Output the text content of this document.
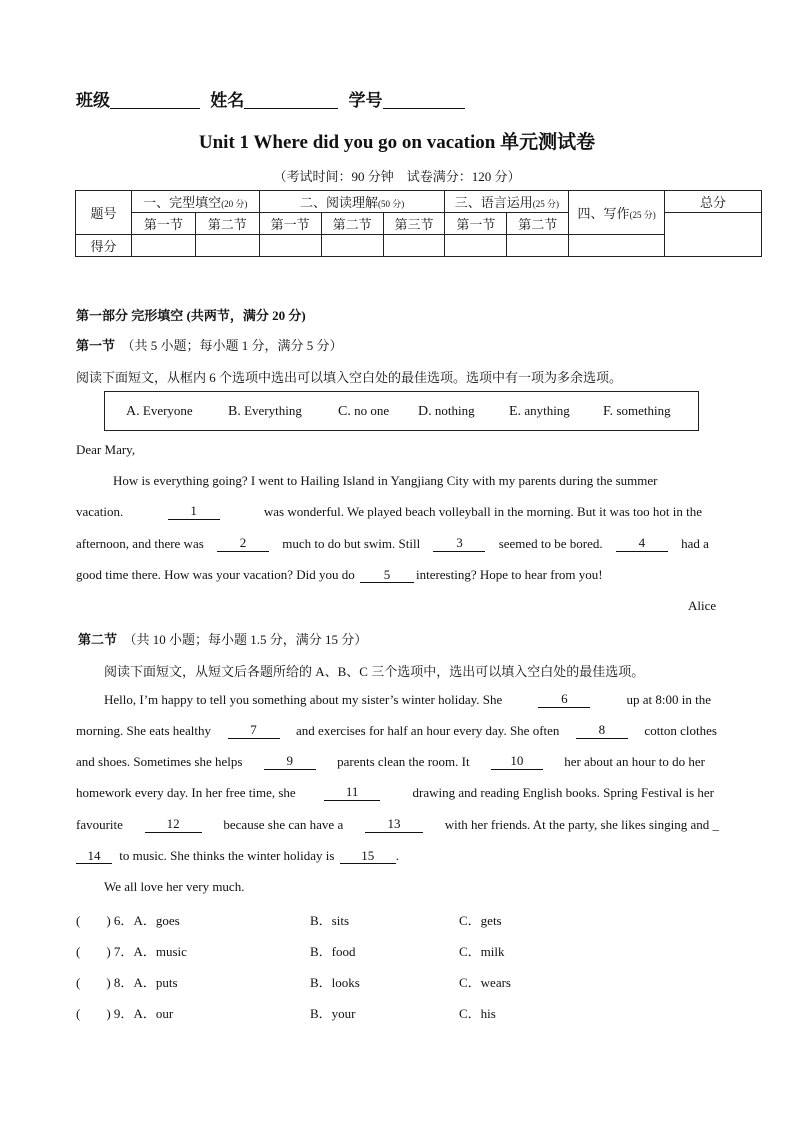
班级	姓名	学号
Unit 1 Where did you go on vacation 单元测试卷
（考试时间：90 分钟　试卷满分：120 分）
题号	一、完型填空(20 分)		二、阅读理解(50 分)			三、语言运用(25 分)		四、写作(25 分)	总分
	第一节	第二节	第一节	第二节	第三节	第一节	第二节		
得分									
第一部分 完形填空 (共两节，满分 20 分)
第一节 （共 5 小题；每小题 1 分，满分 5 分）
阅读下面短文，从框内 6 个选项中选出可以填入空白处的最佳选项。选项中有一项为多余选项。
A. Everyone	B. Everything	C. no one D. nothing E. anything F. something
Dear Mary,
How is everything going? I went to Hailing Island in Yangjiang City with my parents during the summer
vacation.	1	was wonderful. We played beach volleyball in the morning. But it was too hot in the
afternoon, and there was	2	much to do but swim. Still	3	seemed to be bored.	4	had a
good time there. How was your vacation? Did you do 5 interesting? Hope to hear from you!
Alice
第二节 （共 10 小题；每小题 1.5 分，满分 15 分）
阅读下面短文，从短文后各题所给的 A、B、C 三个选项中，选出可以填入空白处的最佳选项。
Hello, I’m happy to tell you something about my sister’s winter holiday. She	6	up at 8:00 in the
morning. She eats healthy	7	and exercises for half an hour every day. She often	8	cotton clothes
and shoes. Sometimes she helps	9	parents clean the room. It	10	her about an hour to do her
homework every day. In her free time, she	11	drawing and reading English books. Spring Festival is her
favourite	12	because she can have a	13	with her friends. At the party, she likes singing and _
14 to music. She thinks the winter holiday is 15 .
We all love her very much.
(　　) 6．A．goes	B．sits	C．gets
(　　) 7．A．music	B．food	C．milk
(　　) 8．A．puts	B．looks	C．wears
(　　) 9．A．our	B．your	C．his
